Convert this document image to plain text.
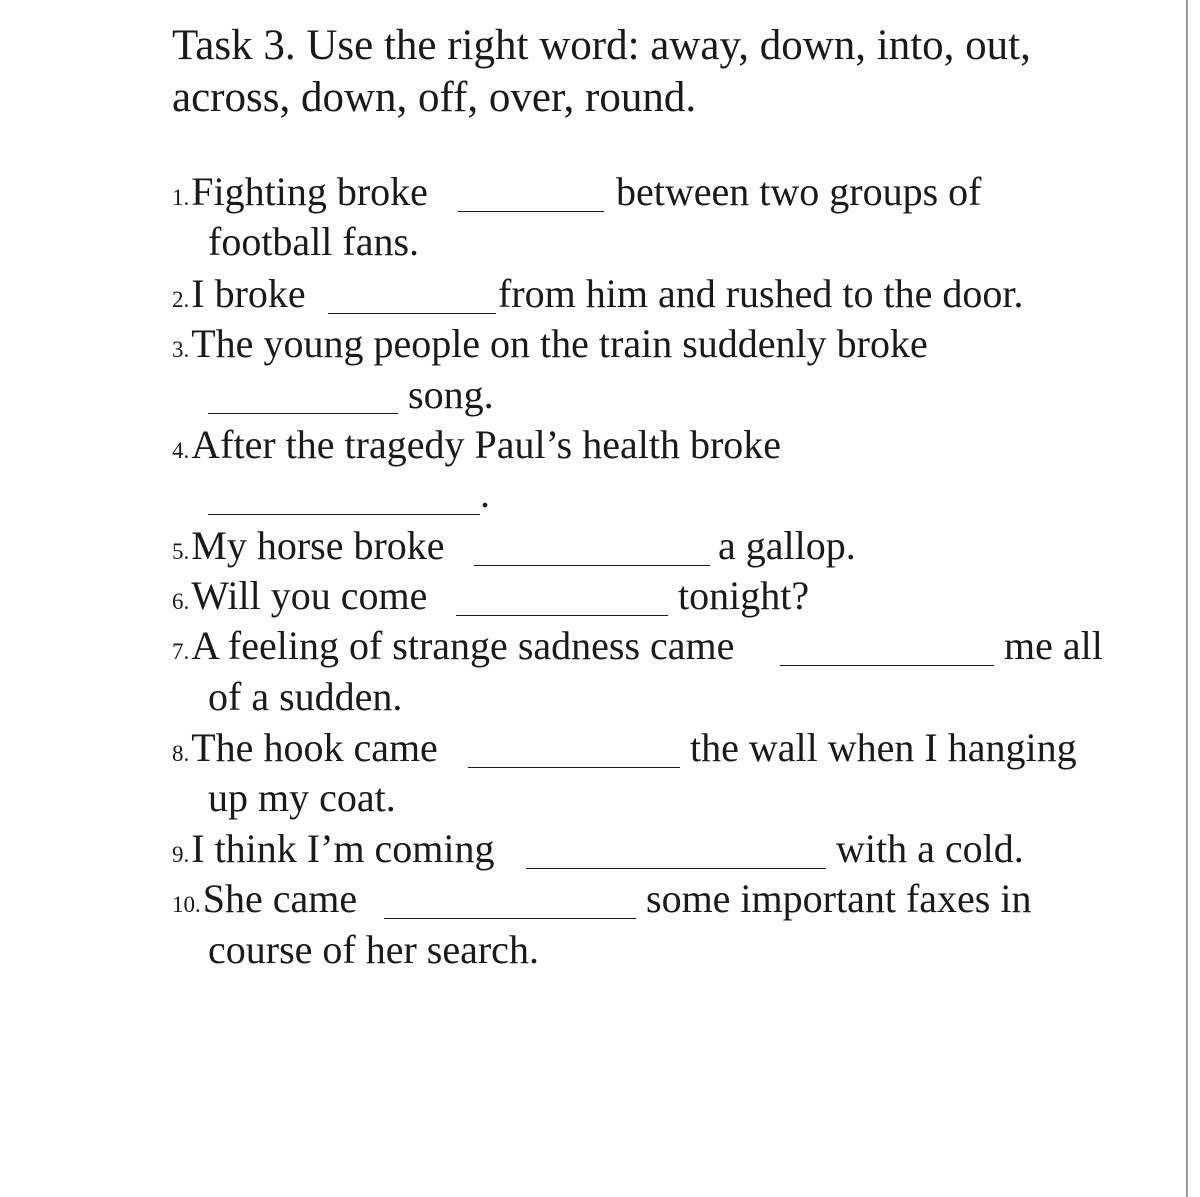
Task 3. Use the right word: away, down, into, out,
across, down, off, over, round.
1.Fighting broke	between two groups of
football fans.
2.I broke	from him and rushed to the door.
3.The young people on the train suddenly broke
song.
4.After the tragedy Paul’s health broke
.
5.My horse broke	a gallop.
6.Will you come	tonight?
7.A feeling of strange sadness came	me all
of a sudden.
8.The hook came	the wall when I hanging
up my coat.
9.I think I’m coming	with a cold.
10.She came	some important faxes in
course of her search.
